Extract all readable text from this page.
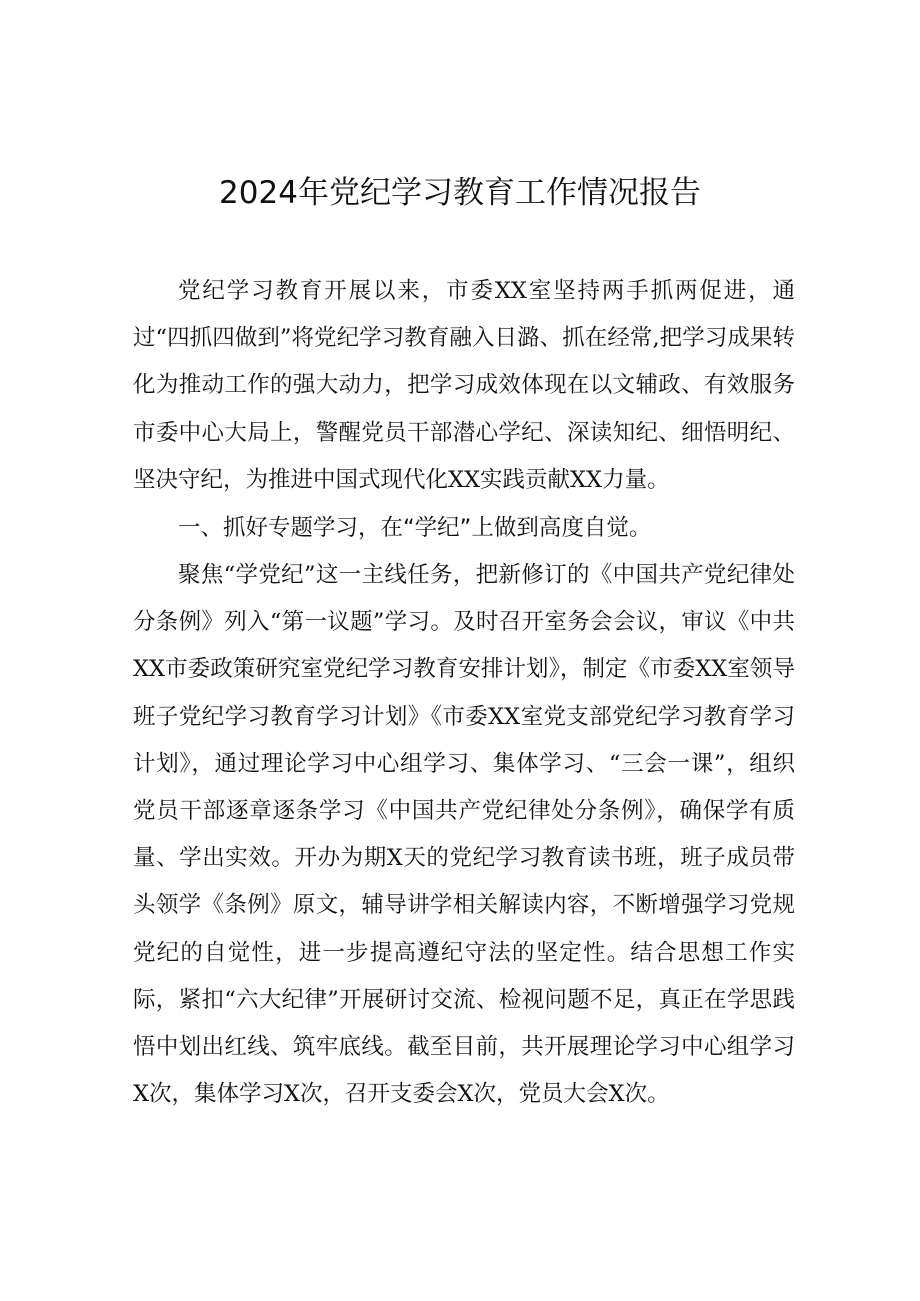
2024年党纪学习教育工作情况报告

党纪学习教育开展以来，市委XX室坚持两手抓两促进，通过“四抓四做到”将党纪学习教育融入日潞、抓在经常,把学习成果转化为推动工作的强大动力，把学习成效体现在以文辅政、有效服务市委中心大局上，警醒党员干部潜心学纪、深读知纪、细悟明纪、坚决守纪，为推进中国式现代化XX实践贡献XX力量。

一、抓好专题学习，在“学纪”上做到高度自觉。

聚焦“学党纪”这一主线任务，把新修订的《中国共产党纪律处分条例》列入“第一议题”学习。及时召开室务会会议，审议《中共XX市委政策研究室党纪学习教育安排计划》，制定《市委XX室领导班子党纪学习教育学习计划》《市委XX室党支部党纪学习教育学习计划》，通过理论学习中心组学习、集体学习、“三会一课”，组织党员干部逐章逐条学习《中国共产党纪律处分条例》，确保学有质量、学出实效。开办为期X天的党纪学习教育读书班，班子成员带头领学《条例》原文，辅导讲学相关解读内容，不断增强学习党规党纪的自觉性，进一步提高遵纪守法的坚定性。结合思想工作实际，紧扣“六大纪律”开展研讨交流、检视问题不足，真正在学思践悟中划出红线、筑牢底线。截至目前，共开展理论学习中心组学习X次，集体学习X次，召开支委会X次，党员大会X次。
